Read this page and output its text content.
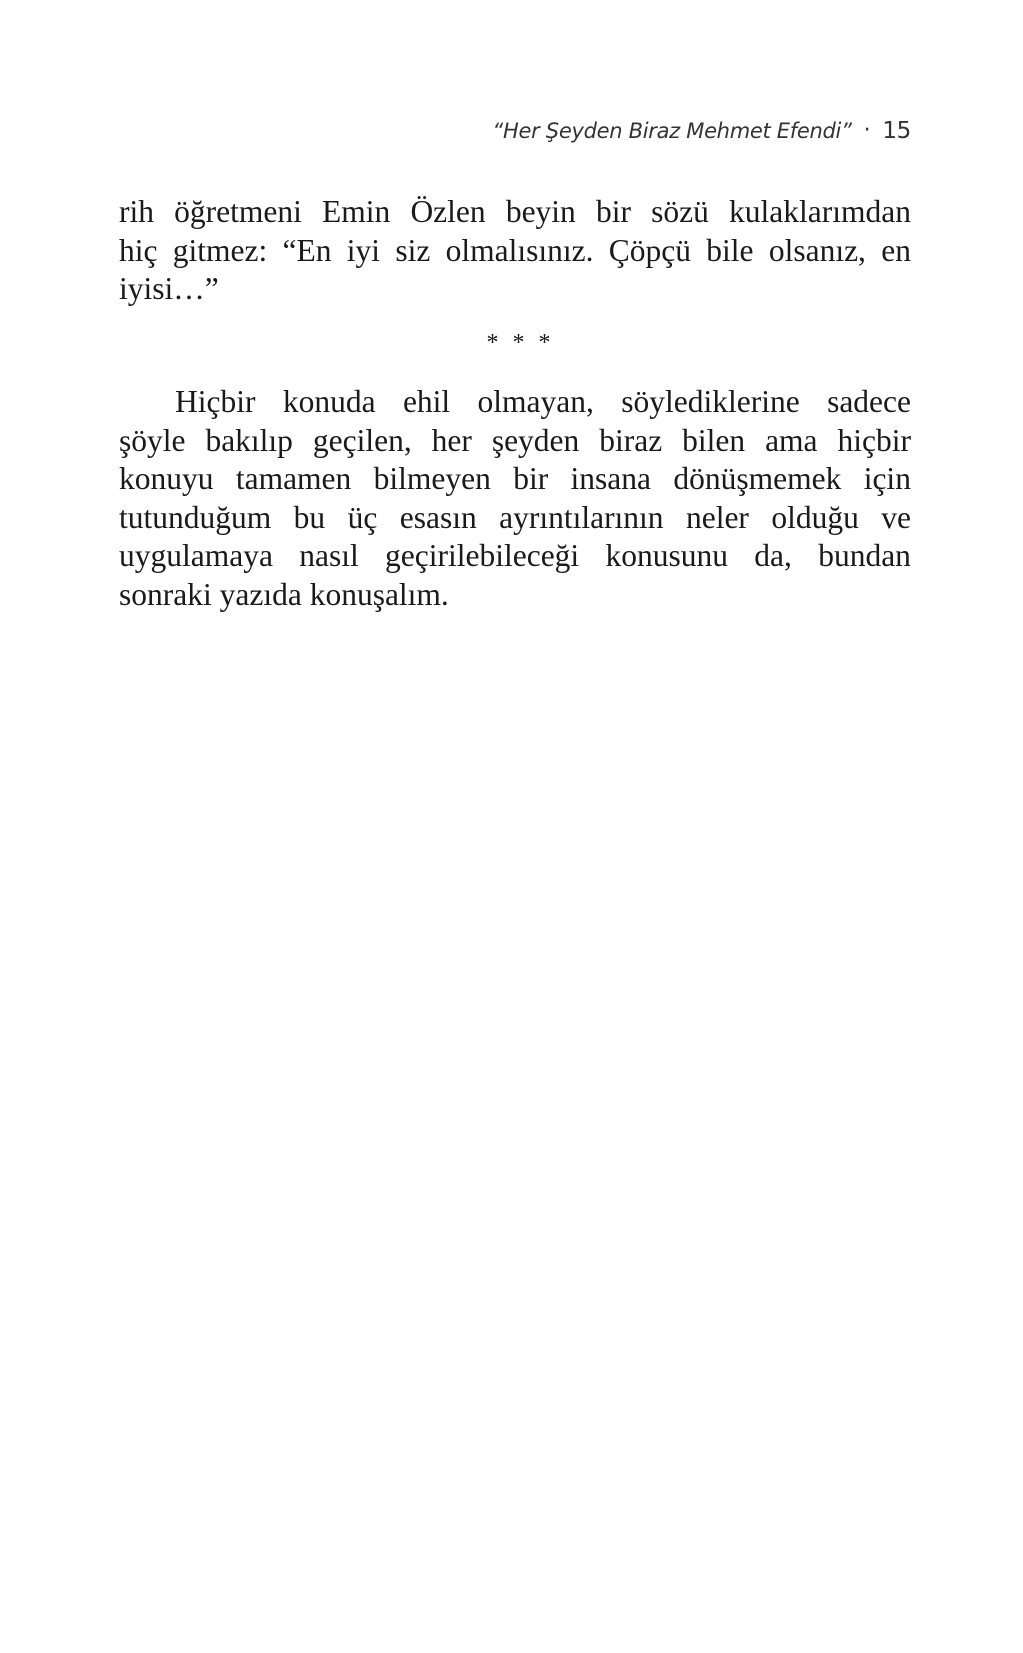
“Her Şeyden Biraz Mehmet Efendi” · 15
rih öğretmeni Emin Özlen beyin bir sözü kulaklarımdan
hiç gitmez: “En iyi siz olmalısınız. Çöpçü bile olsanız, en
iyisi…”
* * *
Hiçbir konuda ehil olmayan, söylediklerine sadece
şöyle bakılıp geçilen, her şeyden biraz bilen ama hiçbir
konuyu tamamen bilmeyen bir insana dönüşmemek için
tutunduğum bu üç esasın ayrıntılarının neler olduğu ve
uygulamaya nasıl geçirilebileceği konusunu da, bundan
sonraki yazıda konuşalım.
